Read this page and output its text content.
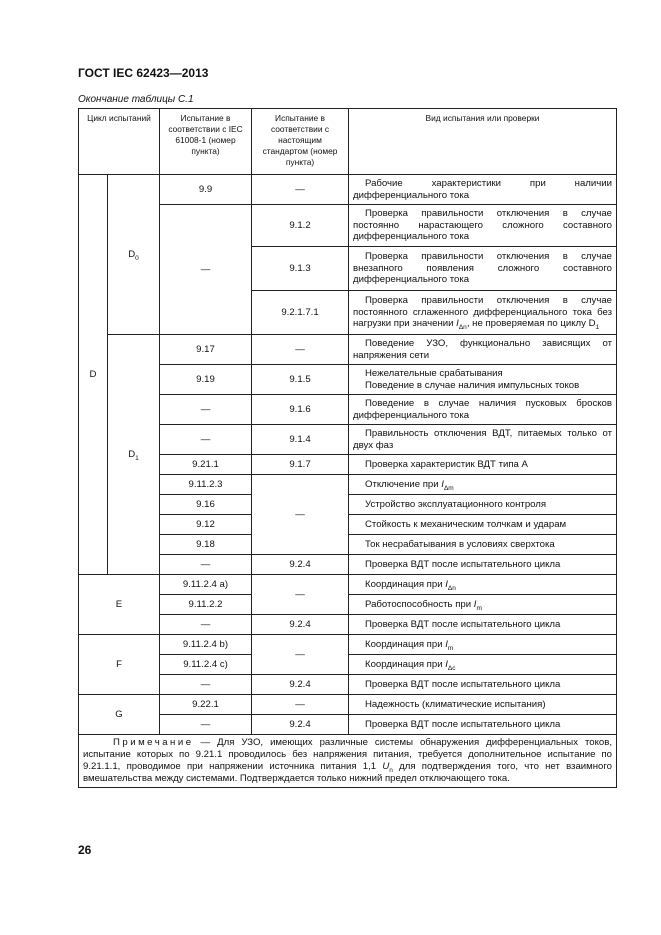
ГОСТ IEC 62423—2013
Окончание таблицы С.1
Цикл испытаний		Испытание в соответствии с IEC 61008-1 (номер пункта)	Испытание в соответствии с настоящим стандартом (номер пункта)	Вид испытания или проверки
D	$D_0$	9.9	—	Рабочие характеристики при наличии дифференциального тока
		—	9.1.2	Проверка правильности отключения в случае постоянно нарастающего сложного составного дифференциального тока
			9.1.3	Проверка правильности отключения в случае внезапного появления сложного составного дифференциального тока
			9.2.1.7.1	Проверка правильности отключения в случае постоянного сглаженного дифференциального тока без нагрузки при значении $I_{\Delta n}$, не проверяемая по циклу $D_1$
	$D_1$	9.17	—	Поведение УЗО, функционально зависящих от напряжения сети
		9.19	9.1.5	Нежелательные срабатывания
Поведение в случае наличия импульсных токов

		—	9.1.6	Поведение в случае наличия пусковых бросков дифференциального тока
		—	9.1.4	Правильность отключения ВДТ, питаемых только от двух фаз
		9.21.1	9.1.7	Проверка характеристик ВДТ типа А
		9.11.2.3	—	Отключение при $I_{\Delta m}$
		9.16		Устройство эксплуатационного контроля
		9.12		Стойкость к механическим толчкам и ударам
		9.18		Ток несрабатывания в условиях сверхтока
		—	9.2.4	Проверка ВДТ после испытательного цикла
E		9.11.2.4 a)	—	Координация при $I_{\Delta n}$
		9.11.2.2		Работоспособность при $I_m$
		—	9.2.4	Проверка ВДТ после испытательного цикла
F		9.11.2.4 b)	—	Координация при $I_m$
		9.11.2.4 c)		Координация при $I_{\Delta c}$
		—	9.2.4	Проверка ВДТ после испытательного цикла
G		9.22.1	—	Надежность (климатические испытания)
		—	9.2.4	Проверка ВДТ после испытательного цикла
Примечание — Для УЗО, имеющих различные системы обнаружения дифференциальных токов, испытание которых по 9.21.1 проводилось без напряжения питания, требуется дополнительное испытание по 9.21.1.1, проводимое при напряжении источника питания 1,1 $U_n$ для подтверждения того, что нет взаимного вмешательства между системами. Подтверждается только нижний предел отключающего тока.				
26
